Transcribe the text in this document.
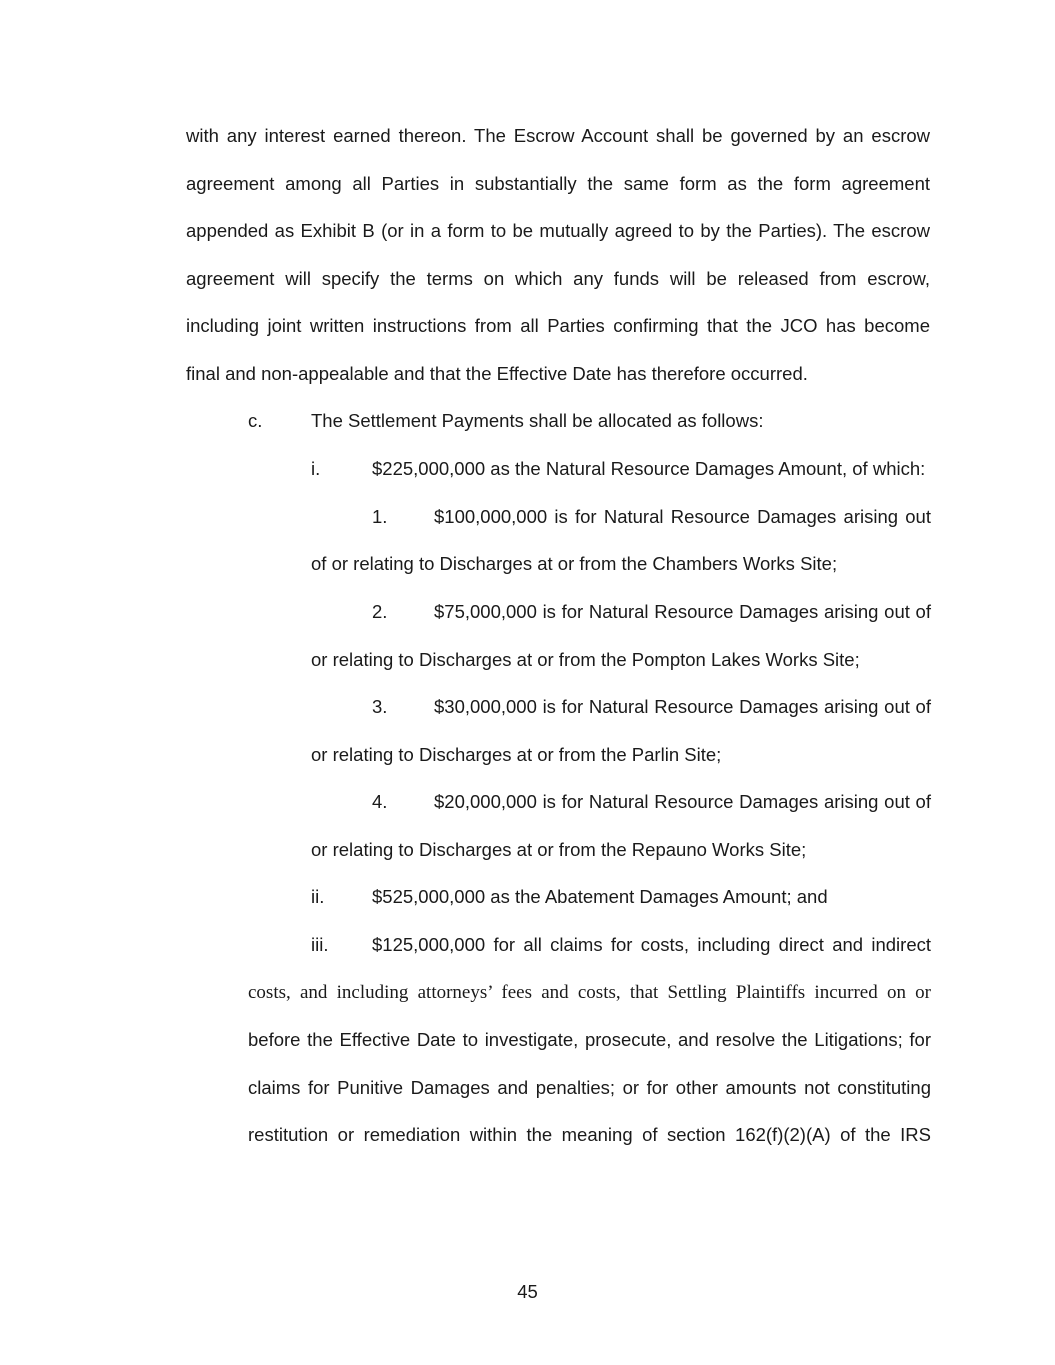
with any interest earned thereon. The Escrow Account shall be governed by an escrow
agreement among all Parties in substantially the same form as the form agreement
appended as Exhibit B (or in a form to be mutually agreed to by the Parties). The escrow
agreement will specify the terms on which any funds will be released from escrow,
including joint written instructions from all Parties confirming that the JCO has become
final and non-appealable and that the Effective Date has therefore occurred.
c.	The Settlement Payments shall be allocated as follows:
i.	$225,000,000 as the Natural Resource Damages Amount, of which:
1.	$100,000,000 is for Natural Resource Damages arising out
of or relating to Discharges at or from the Chambers Works Site;
2.	$75,000,000 is for Natural Resource Damages arising out of
or relating to Discharges at or from the Pompton Lakes Works Site;
3.	$30,000,000 is for Natural Resource Damages arising out of
or relating to Discharges at or from the Parlin Site;
4.	$20,000,000 is for Natural Resource Damages arising out of
or relating to Discharges at or from the Repauno Works Site;
ii.	$525,000,000 as the Abatement Damages Amount; and
iii. $125,000,000 for all claims for costs, including direct and indirect
costs, and including attorneys’ fees and costs, that Settling Plaintiffs incurred on or
before the Effective Date to investigate, prosecute, and resolve the Litigations; for
claims for Punitive Damages and penalties; or for other amounts not constituting
restitution or remediation within the meaning of section 162(f)(2)(A) of the IRS
45
